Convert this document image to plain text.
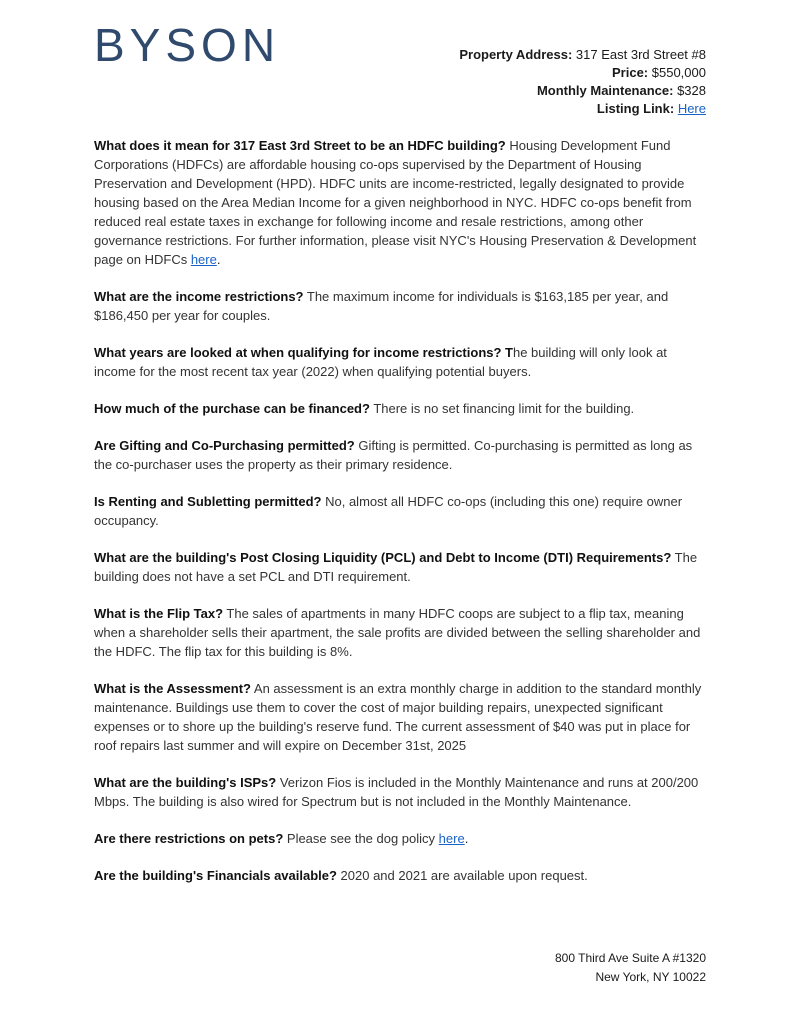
BYSON	Property Address: 317 East 3rd Street #8
Price: $550,000
Monthly Maintenance: $328
Listing Link: Here

What does it mean for 317 East 3rd Street to be an HDFC building? Housing Development Fund Corporations (HDFCs) are affordable housing co-ops supervised by the Department of Housing Preservation and Development (HPD). HDFC units are income-restricted, legally designated to provide housing based on the Area Median Income for a given neighborhood in NYC. HDFC co-ops benefit from reduced real estate taxes in exchange for following income and resale restrictions, among other governance restrictions. For further information, please visit NYC's Housing Preservation & Development page on HDFCs here.

What are the income restrictions? The maximum income for individuals is $163,185 per year, and $186,450 per year for couples.

What years are looked at when qualifying for income restrictions? The building will only look at income for the most recent tax year (2022) when qualifying potential buyers.

How much of the purchase can be financed? There is no set financing limit for the building.

Are Gifting and Co-Purchasing permitted? Gifting is permitted. Co-purchasing is permitted as long as the co-purchaser uses the property as their primary residence.

Is Renting and Subletting permitted? No, almost all HDFC co-ops (including this one) require owner occupancy.

What are the building's Post Closing Liquidity (PCL) and Debt to Income (DTI) Requirements? The building does not have a set PCL and DTI requirement.

What is the Flip Tax? The sales of apartments in many HDFC coops are subject to a flip tax, meaning when a shareholder sells their apartment, the sale profits are divided between the selling shareholder and the HDFC. The flip tax for this building is 8%.

What is the Assessment? An assessment is an extra monthly charge in addition to the standard monthly maintenance. Buildings use them to cover the cost of major building repairs, unexpected significant expenses or to shore up the building's reserve fund. The current assessment of $40 was put in place for roof repairs last summer and will expire on December 31st, 2025

What are the building's ISPs? Verizon Fios is included in the Monthly Maintenance and runs at 200/200 Mbps. The building is also wired for Spectrum but is not included in the Monthly Maintenance.

Are there restrictions on pets? Please see the dog policy here.

Are the building's Financials available? 2020 and 2021 are available upon request.

800 Third Ave Suite A #1320
New York, NY 10022
